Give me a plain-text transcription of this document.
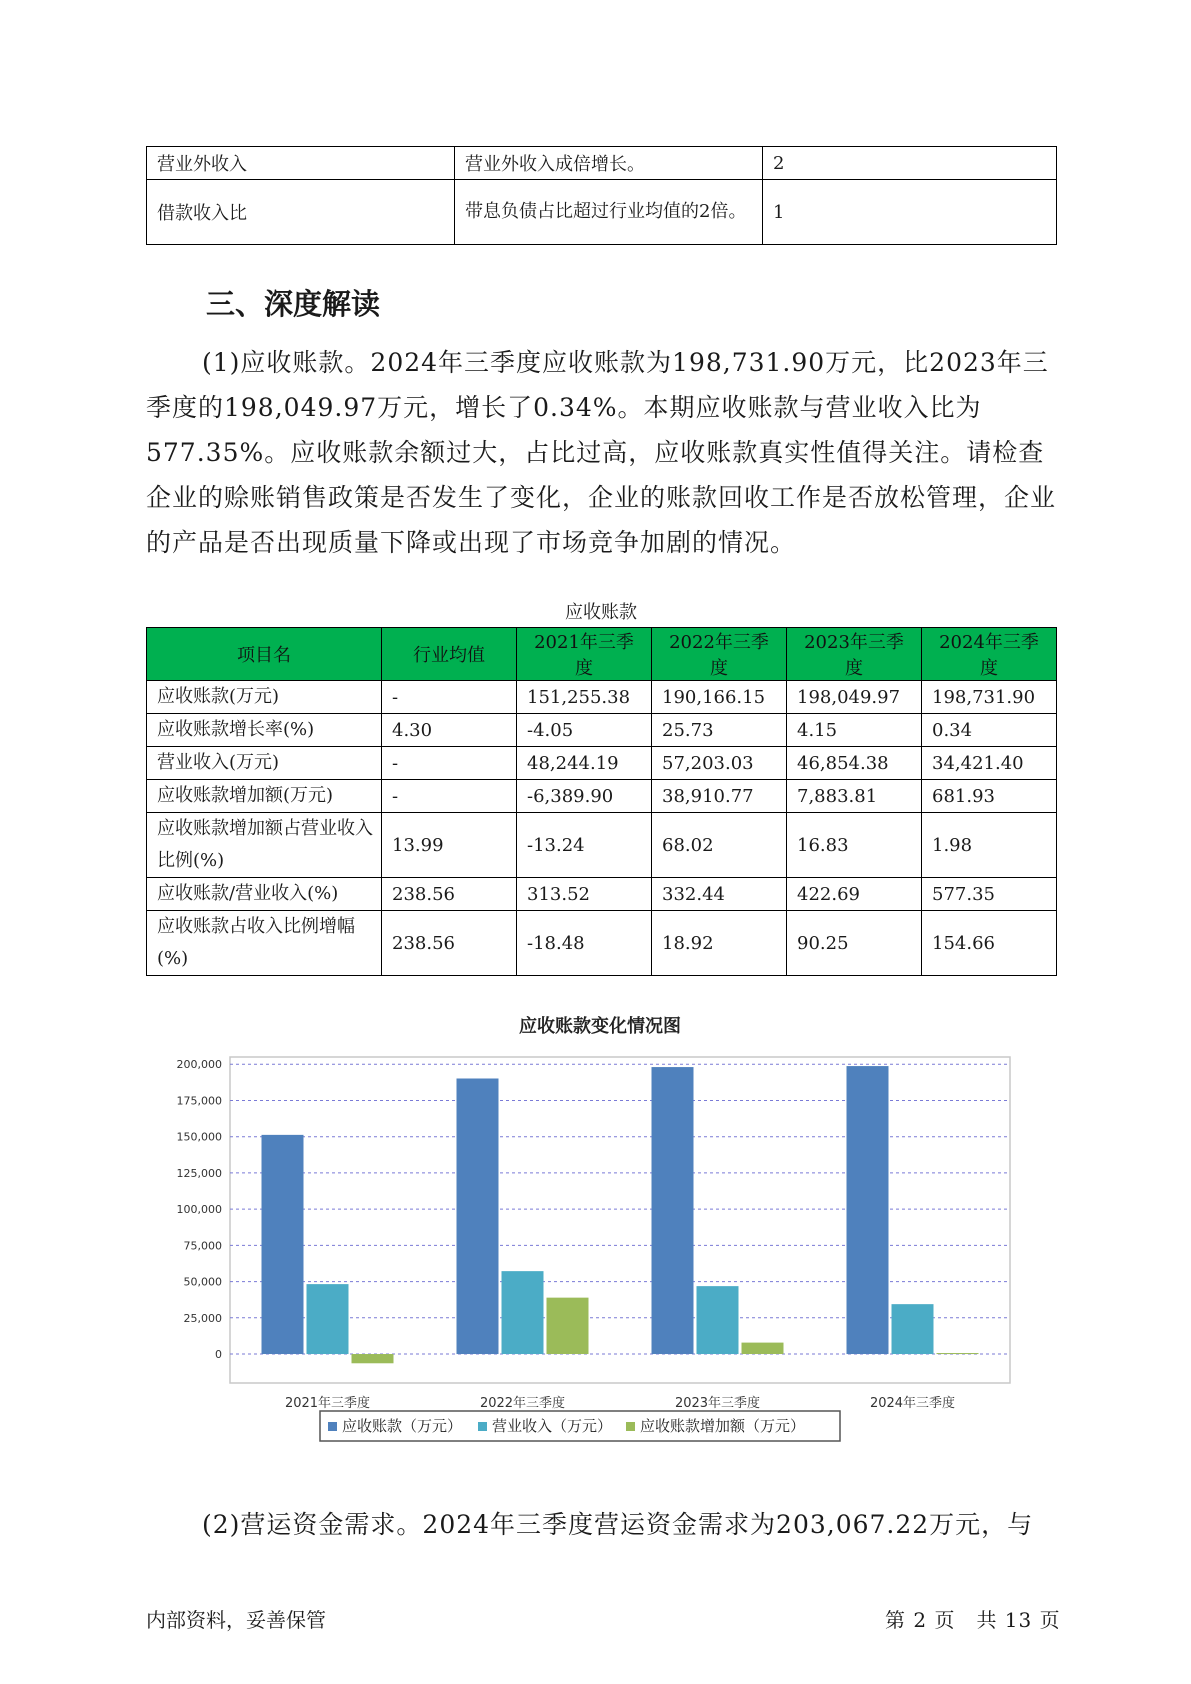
营业外收入	营业外收入成倍增长。	2
借款收入比	带息负债占比超过行业均值的2倍。	1
三、深度解读
(1)应收账款。2024年三季度应收账款为198,731.90万元，比2023年三季度的198,049.97万元，增长了0.34%。本期应收账款与营业收入比为577.35%。应收账款余额过大，占比过高，应收账款真实性值得关注。请检查企业的赊账销售政策是否发生了变化，企业的账款回收工作是否放松管理，企业的产品是否出现质量下降或出现了市场竞争加剧的情况。
应收账款
项目名	行业均值	2021年三季度	2022年三季度	2023年三季度	2024年三季度
应收账款(万元)	-	151,255.38	190,166.15	198,049.97	198,731.90
应收账款增长率(%)	4.30	-4.05	25.73	4.15	0.34
营业收入(万元)	-	48,244.19	57,203.03	46,854.38	34,421.40
应收账款增加额(万元)	-	-6,389.90	38,910.77	7,883.81	681.93
应收账款增加额占营业收入比例(%)	13.99	-13.24	68.02	16.83	1.98
应收账款/营业收入(%)	238.56	313.52	332.44	422.69	577.35
应收账款占收入比例增幅(%)	238.56	-18.48	18.92	90.25	154.66
应收账款变化情况图
0
25,000
50,000
75,000
100,000
125,000
150,000
175,000
200,000
2021年三季度	2022年三季度	2023年三季度	2024年三季度
应收账款（万元） 营业收入（万元） 应收账款增加额（万元）
(2)营运资金需求。2024年三季度营运资金需求为203,067.22万元，与
内部资料，妥善保管	第 2 页　共 13 页
